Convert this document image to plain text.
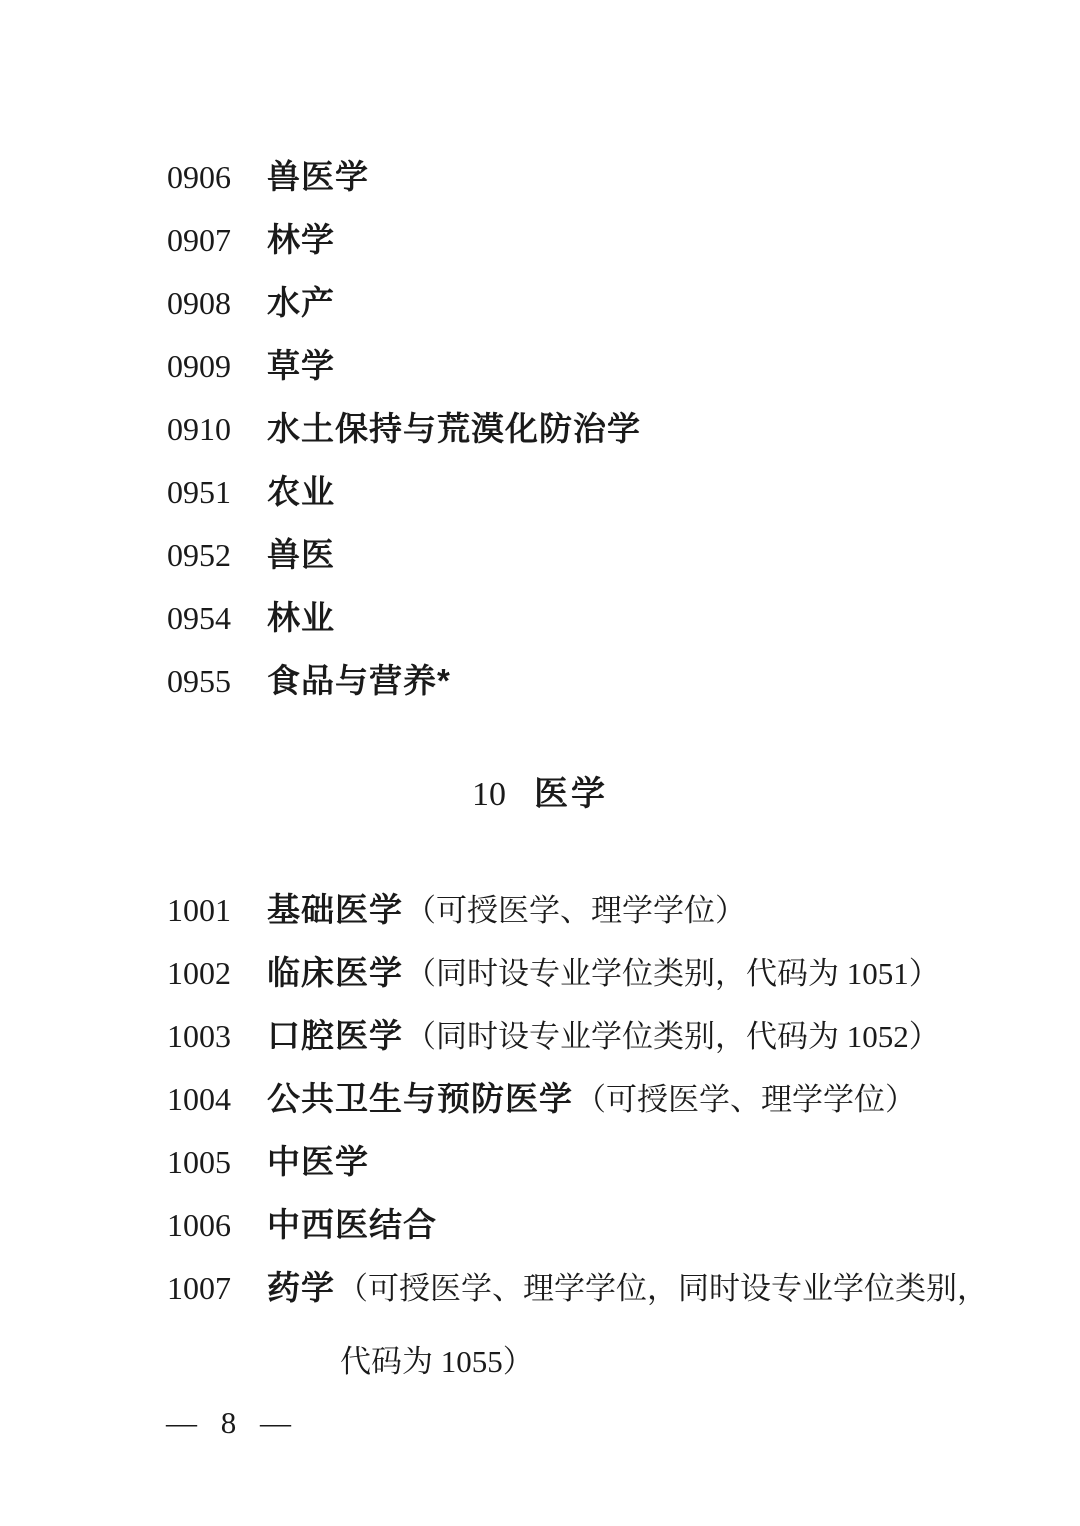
0906 兽医学
0907 林学
0908 水产
0909 草学
0910 水土保持与荒漠化防治学
0951 农业
0952 兽医
0954 林业
0955 食品与营养*
10 医学
1001 基础医学（可授医学、理学学位）
1002 临床医学（同时设专业学位类别，代码为 1051）
1003 口腔医学（同时设专业学位类别，代码为 1052）
1004 公共卫生与预防医学（可授医学、理学学位）
1005 中医学
1006 中西医结合
1007 药学（可授医学、理学学位，同时设专业学位类别，
代码为 1055）
— 8 —
